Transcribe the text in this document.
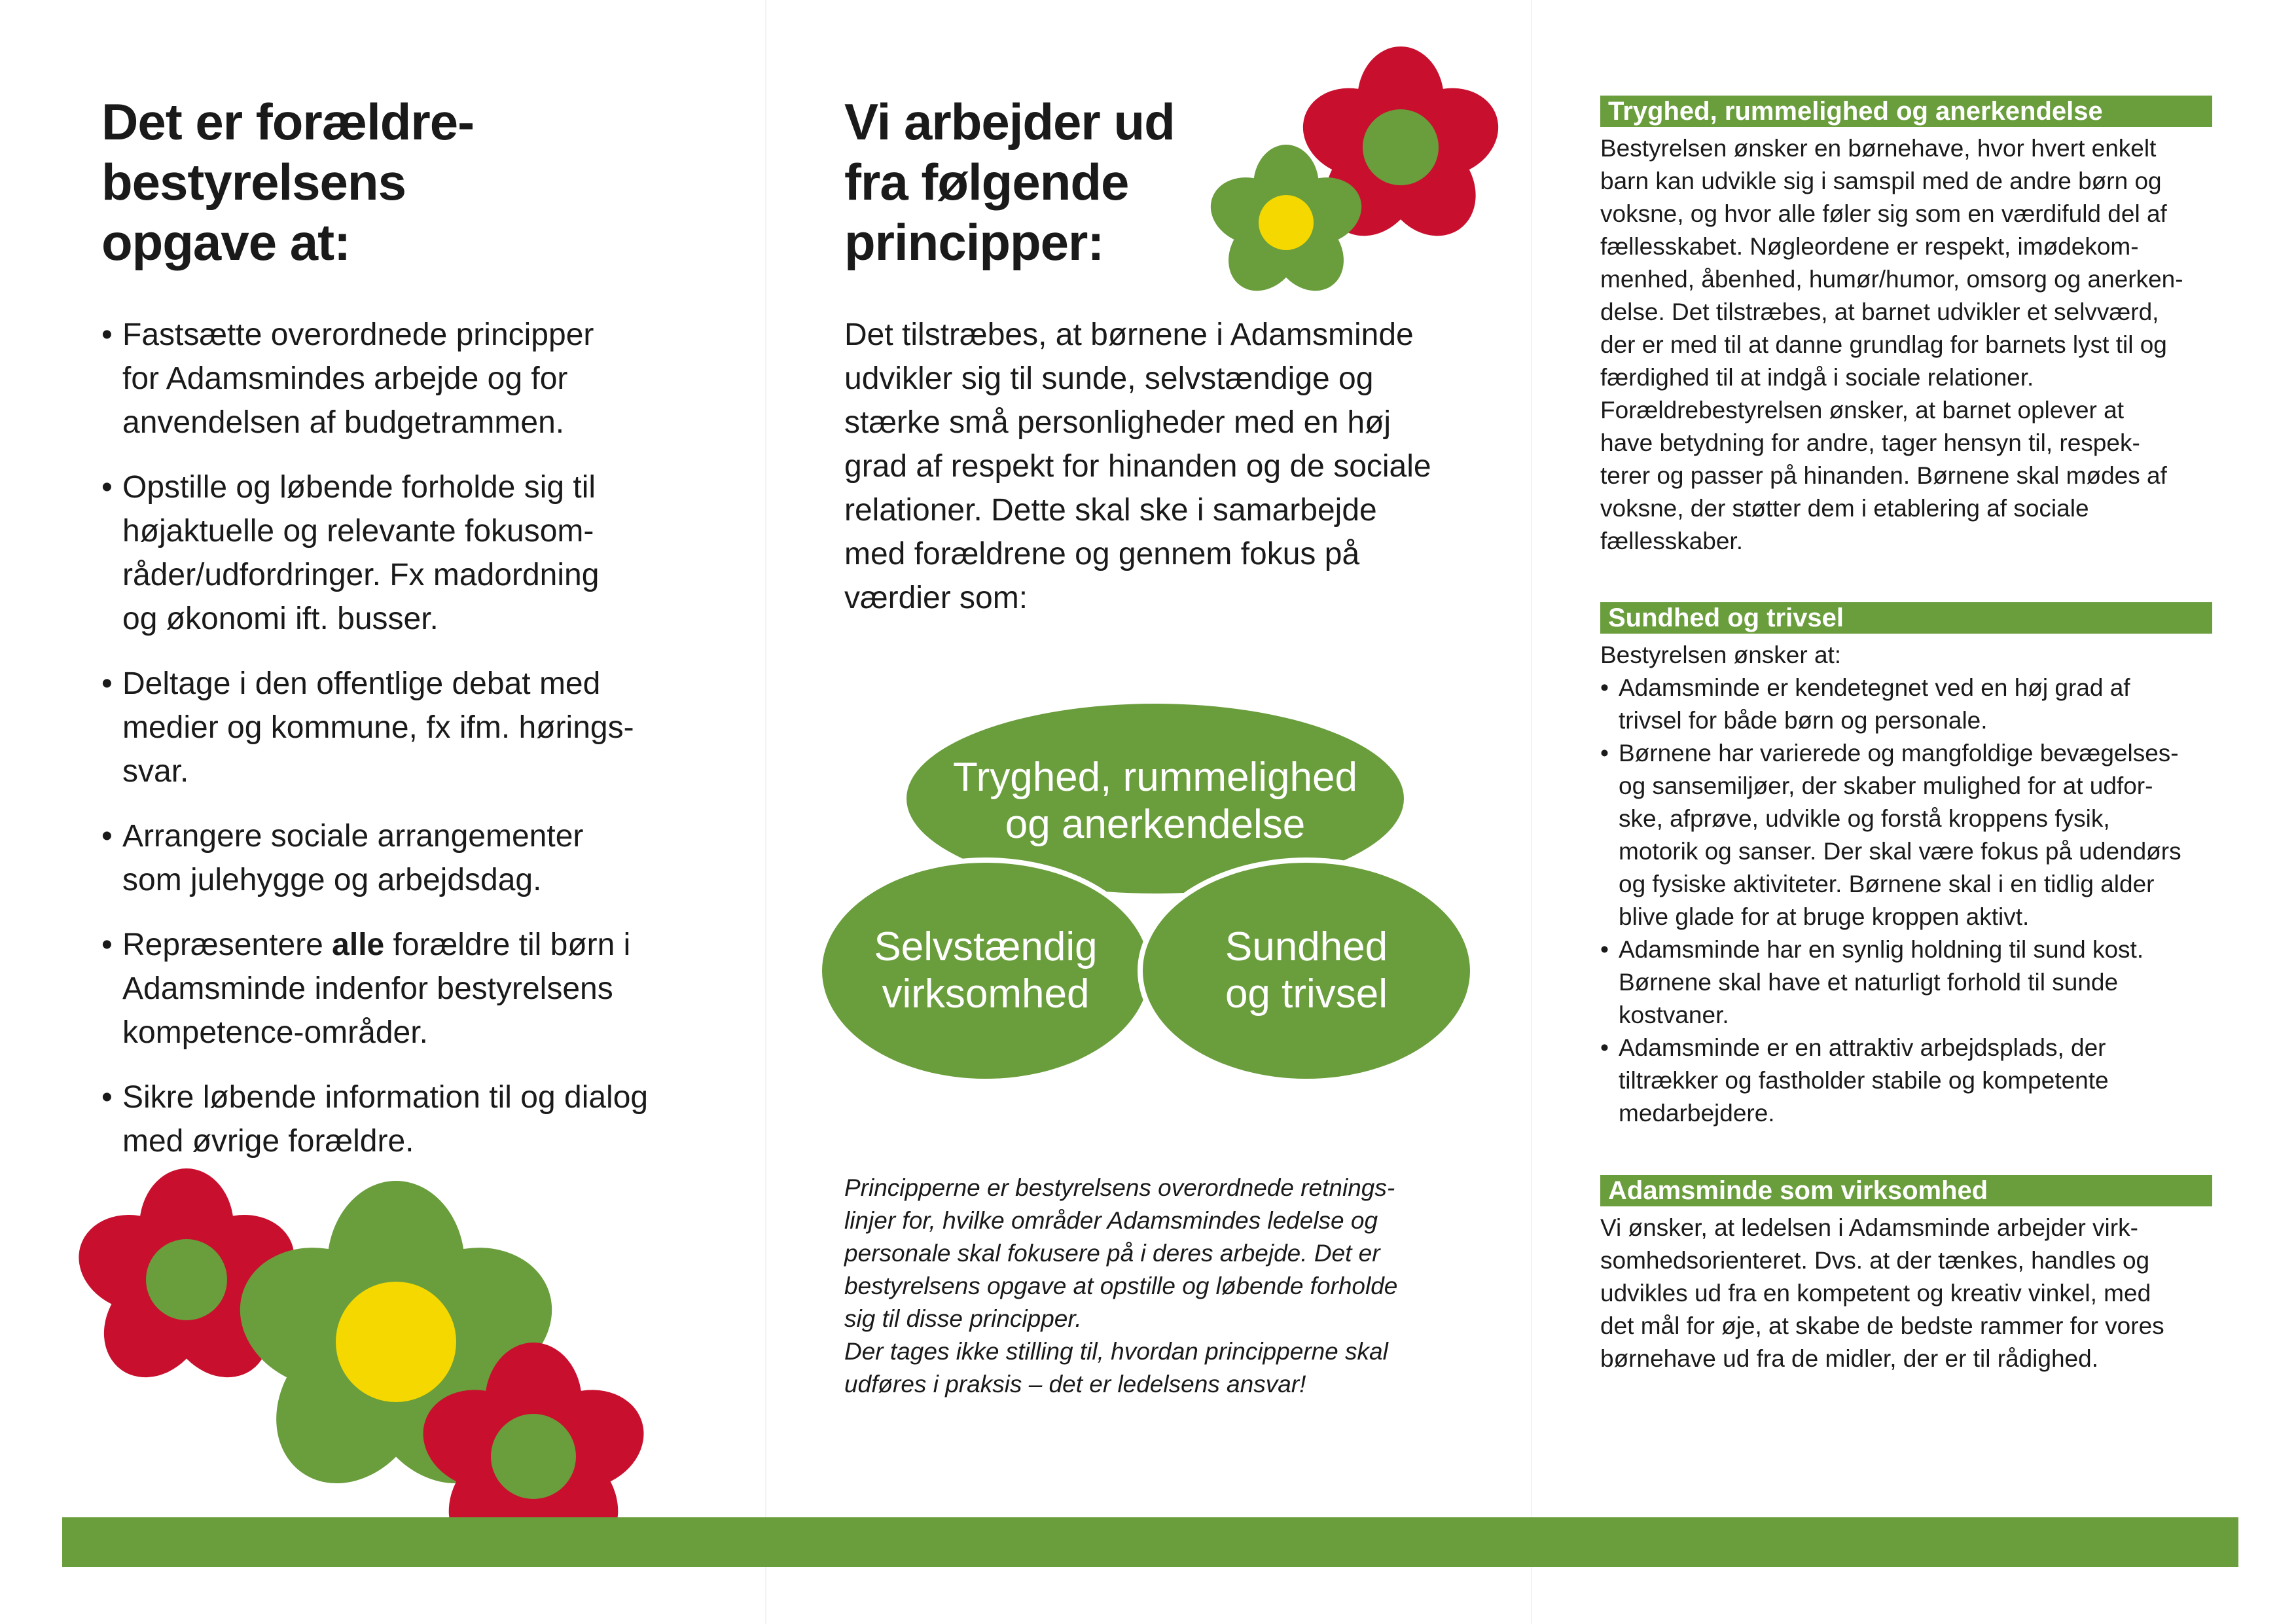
Det er forældre-
bestyrelsens
opgave at:
• Fastsætte overordnede principper
for Adamsmindes arbejde og for
anvendelsen af budgetrammen.
• Opstille og løbende forholde sig til
højaktuelle og relevante fokusom-
råder/udfordringer. Fx madordning
og økonomi ift. busser.
• Deltage i den offentlige debat med
medier og kommune, fx ifm. hørings-
svar.
• Arrangere sociale arrangementer
som julehygge og arbejdsdag.
• Repræsentere alle forældre til børn i
Adamsminde indenfor bestyrelsens
kompetence-områder.
• Sikre løbende information til og dialog
med øvrige forældre.
Vi arbejder ud
fra følgende
principper:
Det tilstræbes, at børnene i Adamsminde
udvikler sig til sunde, selvstændige og
stærke små personligheder med en høj
grad af respekt for hinanden og de sociale
relationer. Dette skal ske i samarbejde
med forældrene og gennem fokus på
værdier som:
Tryghed, rummelighed
og anerkendelse
Selvstændig
virksomhed
Sundhed
og trivsel

Principperne er bestyrelsens overordnede retnings-

linjer for, hvilke områder Adamsmindes ledelse og

personale skal fokusere på i deres arbejde. Det er

bestyrelsens opgave at opstille og løbende forholde

sig til disse principper.

Der tages ikke stilling til, hvordan principperne skal

udføres i praksis – det er ledelsens ansvar!

Tryghed, rummelighed og anerkendelse

Bestyrelsen ønsker en børnehave, hvor hvert enkelt

barn kan udvikle sig i samspil med de andre børn og

voksne, og hvor alle føler sig som en værdifuld del af

fællesskabet. Nøgleordene er respekt, imødekom-

menhed, åbenhed, humør/humor, omsorg og anerken-

delse. Det tilstræbes, at barnet udvikler et selvværd,

der er med til at danne grundlag for barnets lyst til og

færdighed til at indgå i sociale relationer.

Forældrebestyrelsen ønsker, at barnet oplever at

have betydning for andre, tager hensyn til, respek-

terer og passer på hinanden. Børnene skal mødes af

voksne, der støtter dem i etablering af sociale

fællesskaber.

Sundhed og trivsel

Bestyrelsen ønsker at:

• Adamsminde er kendetegnet ved en høj grad af
trivsel for både børn og personale.
• Børnene har varierede og mangfoldige bevægelses-
og sansemiljøer, der skaber mulighed for at udfor-
ske, afprøve, udvikle og forstå kroppens fysik,
motorik og sanser. Der skal være fokus på udendørs
og fysiske aktiviteter. Børnene skal i en tidlig alder
blive glade for at bruge kroppen aktivt.
• Adamsminde har en synlig holdning til sund kost.
Børnene skal have et naturligt forhold til sunde
kostvaner.
• Adamsminde er en attraktiv arbejdsplads, der
tiltrækker og fastholder stabile og kompetente
medarbejdere.
Adamsminde som virksomhed

Vi ønsker, at ledelsen i Adamsminde arbejder virk-

somhedsorienteret. Dvs. at der tænkes, handles og

udvikles ud fra en kompetent og kreativ vinkel, med

det mål for øje, at skabe de bedste rammer for vores

børnehave ud fra de midler, der er til rådighed.
